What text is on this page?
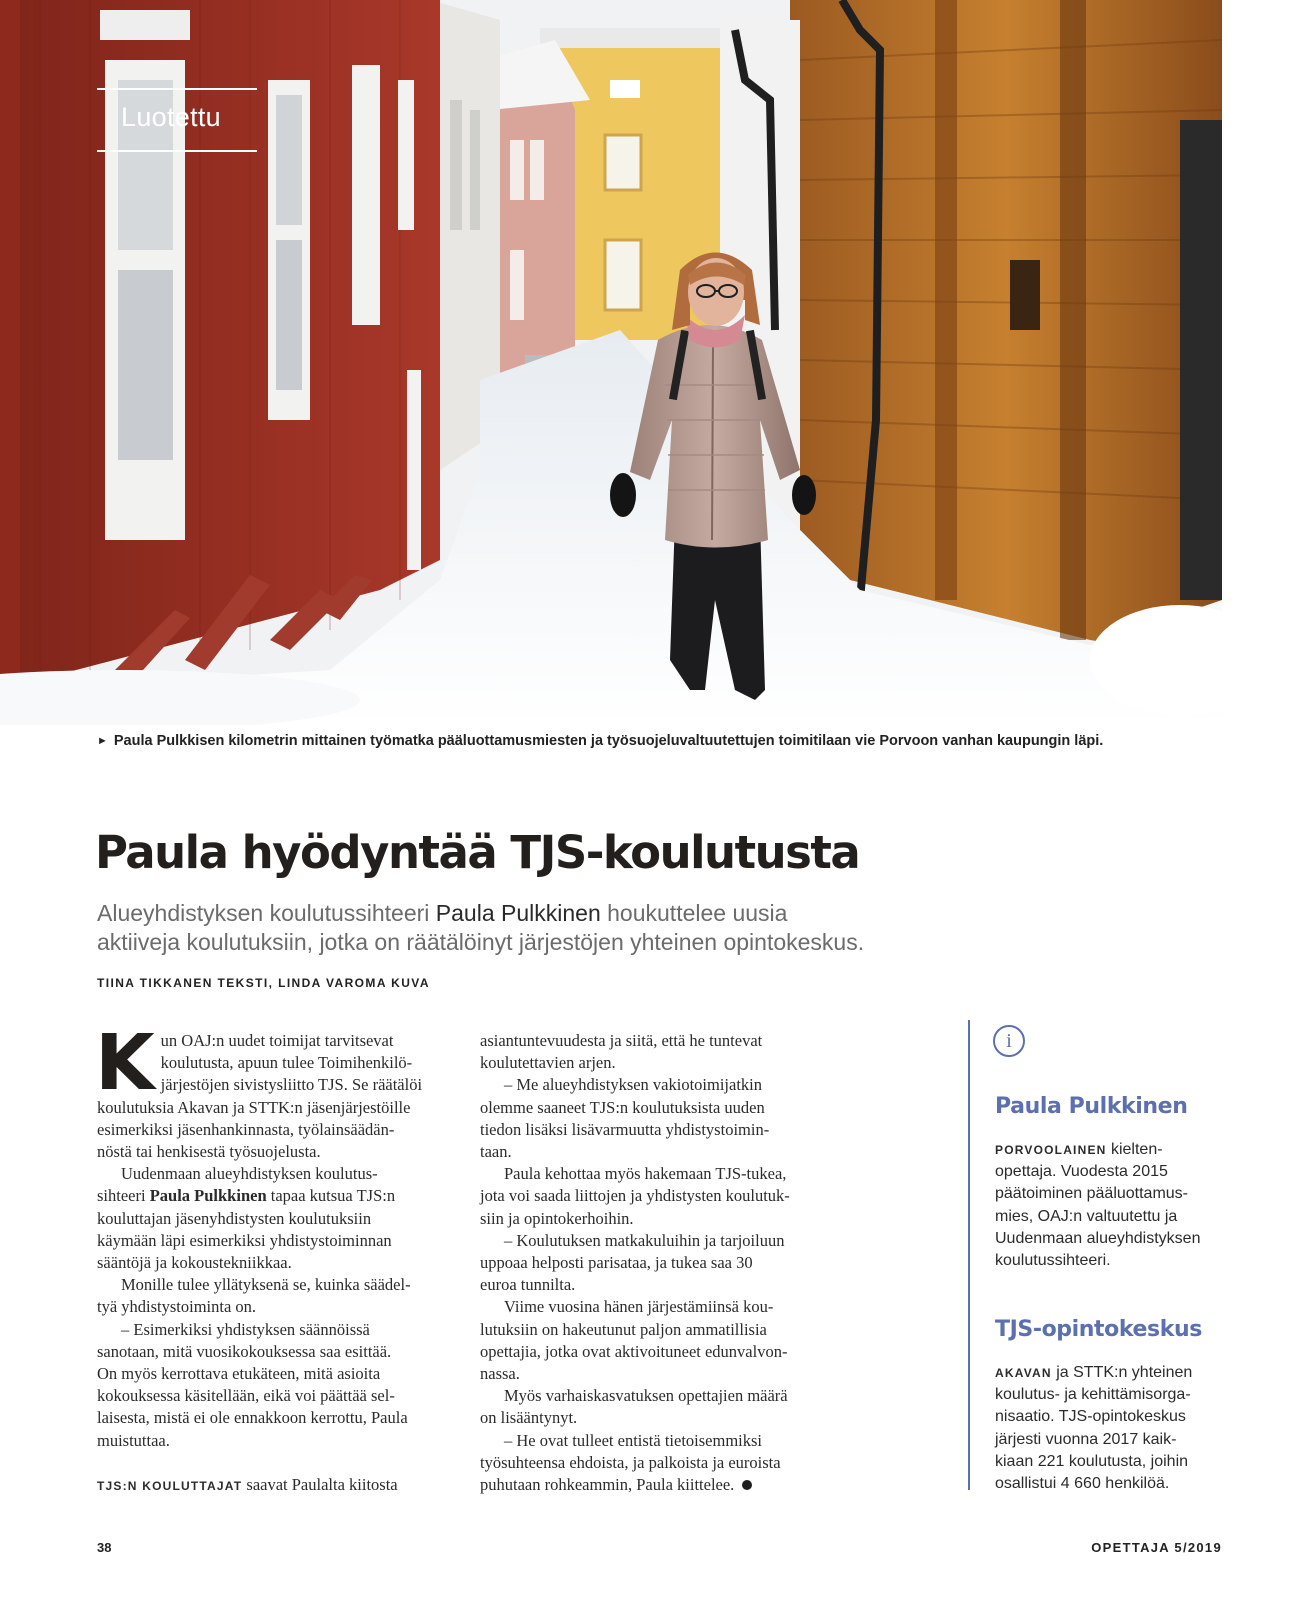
Luotettu
► Paula Pulkkisen kilometrin mittainen työmatka pääluottamusmiesten ja työsuojeluvaltuutettujen toimitilaan vie Porvoon vanhan kaupungin läpi.
Paula hyödyntää TJS-koulutusta
Alueyhdistyksen koulutussihteeri Paula Pulkkinen houkuttelee uusia
aktiiveja koulutuksiin, jotka on räätälöinyt järjestöjen yhteinen opintokeskus.
TIINA TIKKANEN TEKSTI, LINDA VAROMA KUVA
K un OAJ:n uudet toimijat tarvitsevat

koulutusta, apuun tulee Toimihenkilö-

järjestöjen sivistysliitto TJS. Se räätälöi

koulutuksia Akavan ja STTK:n jäsenjärjestöille

esimerkiksi jäsenhankinnasta, työlainsäädän-

nöstä tai henkisestä työsuojelusta.

Uudenmaan alueyhdistyksen koulutus-

sihteeri Paula Pulkkinen tapaa kutsua TJS:n

kouluttajan jäsenyhdistysten koulutuksiin

käymään läpi esimerkiksi yhdistystoiminnan

sääntöjä ja kokoustekniikkaa.

Monille tulee yllätyksenä se, kuinka säädel-

tyä yhdistystoiminta on.

– Esimerkiksi yhdistyksen säännöissä

sanotaan, mitä vuosikokouksessa saa esittää.

On myös kerrottava etukäteen, mitä asioita

kokouksessa käsitellään, eikä voi päättää sel-

laisesta, mistä ei ole ennakkoon kerrottu, Paula

muistuttaa.

TJS:N KOULUTTAJAT saavat Paulalta kiitosta

asiantuntevuudesta ja siitä, että he tuntevat

koulutettavien arjen.

– Me alueyhdistyksen vakiotoimijatkin

olemme saaneet TJS:n koulutuksista uuden

tiedon lisäksi lisävarmuutta yhdistystoimin-

taan.

Paula kehottaa myös hakemaan TJS-tukea,

jota voi saada liittojen ja yhdistysten koulutuk-

siin ja opintokerhoihin.

– Koulutuksen matkakuluihin ja tarjoiluun

uppoaa helposti parisataa, ja tukea saa 30

euroa tunnilta.

Viime vuosina hänen järjestämiinsä kou-

lutuksiin on hakeutunut paljon ammatillisia

opettajia, jotka ovat aktivoituneet edunvalvon-

nassa.

Myös varhaiskasvatuksen opettajien määrä

on lisääntynyt.

– He ovat tulleet entistä tietoisemmiksi

työsuhteensa ehdoista, ja palkoista ja euroista

puhutaan rohkeammin, Paula kiittelee.

i
Paula Pulkkinen

PORVOOLAINEN kielten-
opettaja. Vuodesta 2015
päätoiminen pääluottamus-
mies, OAJ:n valtuutettu ja
Uudenmaan alueyhdistyksen
koulutussihteeri.

TJS-opintokeskus

AKAVAN ja STTK:n yhteinen
koulutus- ja kehittämisorga-
nisaatio. TJS-opintokeskus
järjesti vuonna 2017 kaik-
kiaan 221 koulutusta, joihin
osallistui 4 660 henkilöä.

38	OPETTAJA 5/2019
